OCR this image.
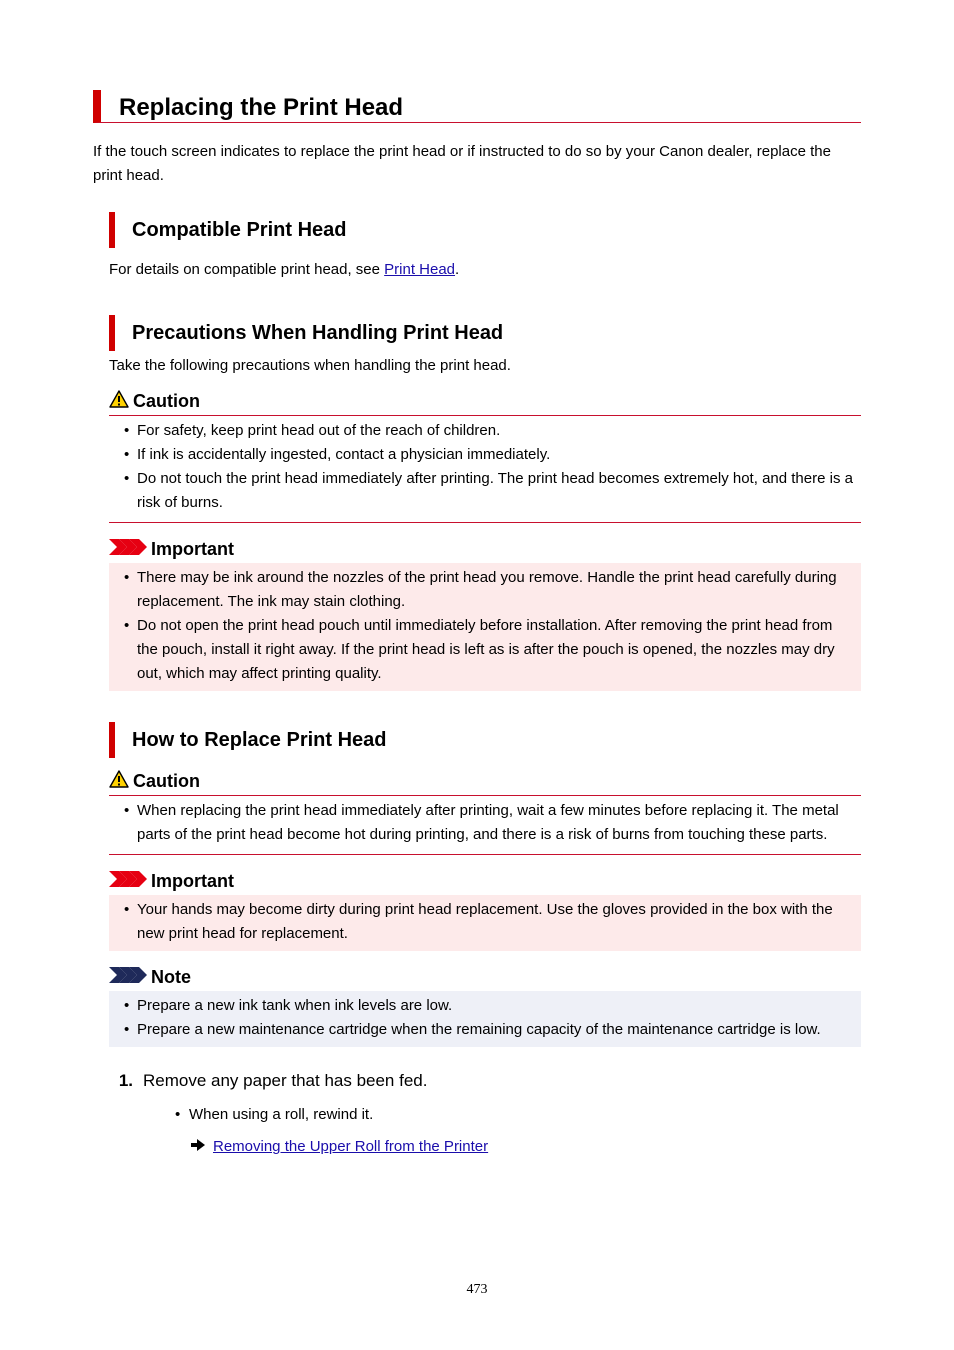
Replacing the Print Head
If the touch screen indicates to replace the print head or if instructed to do so by your Canon dealer, replace the print head.
Compatible Print Head
For details on compatible print head, see Print Head.
Precautions When Handling Print Head
Take the following precautions when handling the print head.
Caution
• For safety, keep print head out of the reach of children.
• If ink is accidentally ingested, contact a physician immediately.
• Do not touch the print head immediately after printing. The print head becomes extremely hot, and there is a risk of burns.
Important
• There may be ink around the nozzles of the print head you remove. Handle the print head carefully during replacement. The ink may stain clothing.
• Do not open the print head pouch until immediately before installation. After removing the print head from the pouch, install it right away. If the print head is left as is after the pouch is opened, the nozzles may dry out, which may affect printing quality.
How to Replace Print Head
Caution
• When replacing the print head immediately after printing, wait a few minutes before replacing it. The metal parts of the print head become hot during printing, and there is a risk of burns from touching these parts.
Important
• Your hands may become dirty during print head replacement. Use the gloves provided in the box with the new print head for replacement.
Note
• Prepare a new ink tank when ink levels are low.
• Prepare a new maintenance cartridge when the remaining capacity of the maintenance cartridge is low.
1. Remove any paper that has been fed.
• When using a roll, rewind it.
Removing the Upper Roll from the Printer
473
